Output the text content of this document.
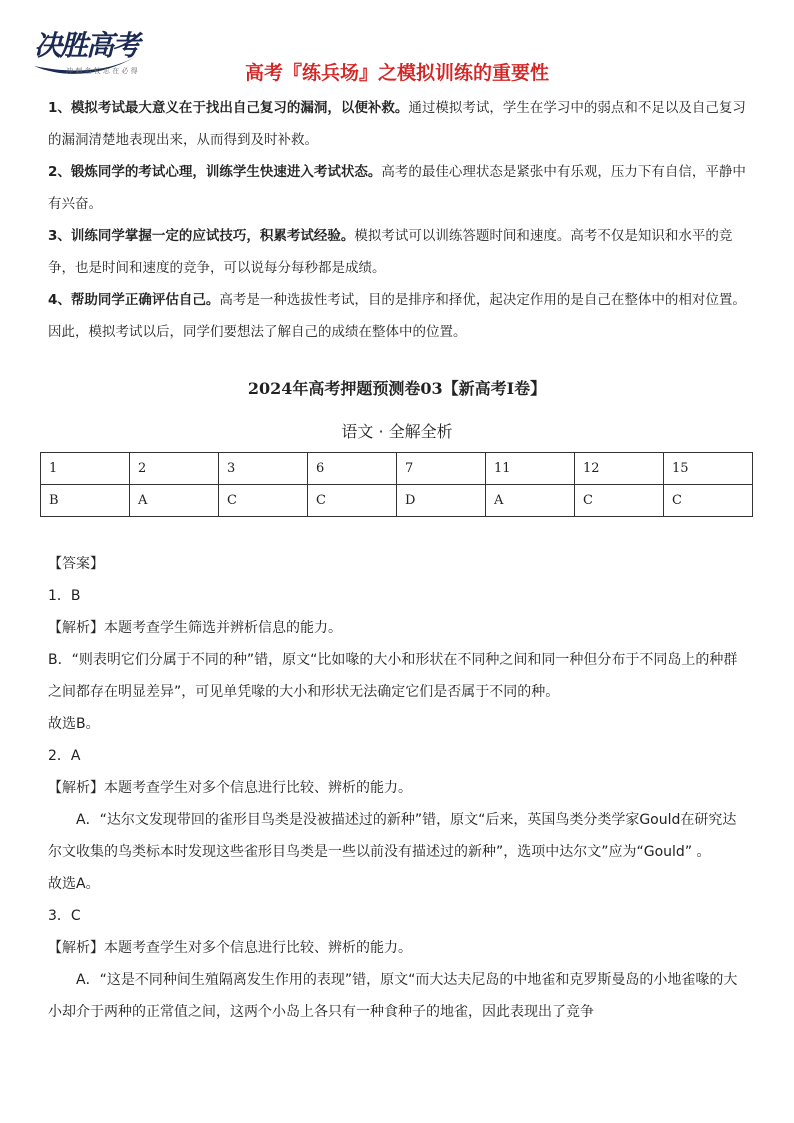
决胜高考
冲 刺 名 校 志 在 必 得	高考『练兵场』之模拟训练的重要性

1、模拟考试最大意义在于找出自己复习的漏洞，以便补救。通过模拟考试，学生在学习中的弱点和不足以及自己复习的漏洞清楚地表现出来，从而得到及时补救。

2、锻炼同学的考试心理，训练学生快速进入考试状态。高考的最佳心理状态是紧张中有乐观，压力下有自信，平静中有兴奋。

3、训练同学掌握一定的应试技巧，积累考试经验。模拟考试可以训练答题时间和速度。高考不仅是知识和水平的竞争，也是时间和速度的竞争，可以说每分每秒都是成绩。

4、帮助同学正确评估自己。高考是一种选拔性考试，目的是排序和择优，起决定作用的是自己在整体中的相对位置。因此，模拟考试以后，同学们要想法了解自己的成绩在整体中的位置。

2024年高考押题预测卷03【新高考I卷】
语文 · 全解全析
1	2	3	6	7	11	12	15
B	A	C	C	D	A	C	C

【答案】

1．B

【解析】本题考查学生筛选并辨析信息的能力。

B．“则表明它们分属于不同的种”错，原文“比如喙的大小和形状在不同种之间和同一种但分布于不同岛上的种群之间都存在明显差异”，可见单凭喙的大小和形状无法确定它们是否属于不同的种。

故选B。

2．A

【解析】本题考查学生对多个信息进行比较、辨析的能力。

A．“达尔文发现带回的雀形目鸟类是没被描述过的新种”错，原文“后来，英国鸟类分类学家Gould在研究达尔文收集的鸟类标本时发现这些雀形目鸟类是一些以前没有描述过的新种”，选项中达尔文”应为“Gould” 。

故选A。

3．C

【解析】本题考查学生对多个信息进行比较、辨析的能力。

A．“这是不同种间生殖隔离发生作用的表现”错，原文“而大达夫尼岛的中地雀和克罗斯曼岛的小地雀喙的大小却介于两种的正常值之间，这两个小岛上各只有一种食种子的地雀，因此表现出了竞争
